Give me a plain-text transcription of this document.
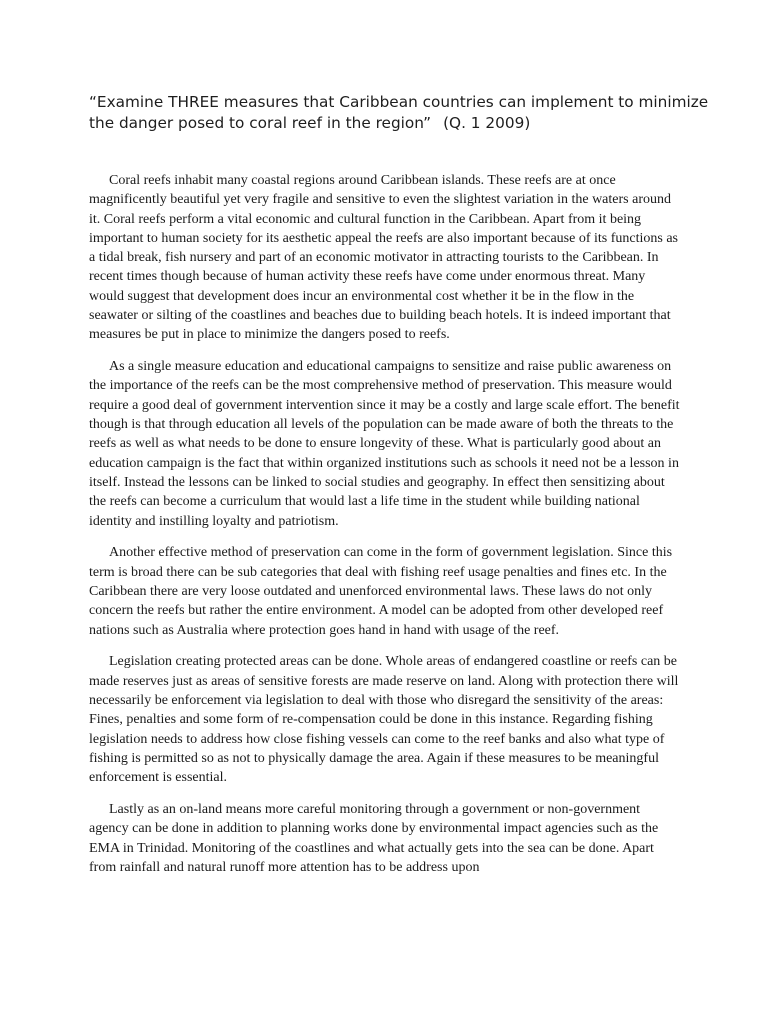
“Examine THREE measures that Caribbean countries can implement to minimize the danger posed to coral reef in the region” (Q. 1 2009)

Coral reefs inhabit many coastal regions around Caribbean islands. These reefs are at once magnificently beautiful yet very fragile and sensitive to even the slightest variation in the waters around it. Coral reefs perform a vital economic and cultural function in the Caribbean. Apart from it being important to human society for its aesthetic appeal the reefs are also important because of its functions as a tidal break, fish nursery and part of an economic motivator in attracting tourists to the Caribbean. In recent times though because of human activity these reefs have come under enormous threat. Many would suggest that development does incur an environmental cost whether it be in the flow in the seawater or silting of the coastlines and beaches due to building beach hotels. It is indeed important that measures be put in place to minimize the dangers posed to reefs.

As a single measure education and educational campaigns to sensitize and raise public awareness on the importance of the reefs can be the most comprehensive method of preservation. This measure would require a good deal of government intervention since it may be a costly and large scale effort. The benefit though is that through education all levels of the population can be made aware of both the threats to the reefs as well as what needs to be done to ensure longevity of these. What is particularly good about an education campaign is the fact that within organized institutions such as schools it need not be a lesson in itself. Instead the lessons can be linked to social studies and geography. In effect then sensitizing about the reefs can become a curriculum that would last a life time in the student while building national identity and instilling loyalty and patriotism.

Another effective method of preservation can come in the form of government legislation. Since this term is broad there can be sub categories that deal with fishing reef usage penalties and fines etc. In the Caribbean there are very loose outdated and unenforced environmental laws. These laws do not only concern the reefs but rather the entire environment. A model can be adopted from other developed reef nations such as Australia where protection goes hand in hand with usage of the reef.

Legislation creating protected areas can be done. Whole areas of endangered coastline or reefs can be made reserves just as areas of sensitive forests are made reserve on land. Along with protection there will necessarily be enforcement via legislation to deal with those who disregard the sensitivity of the areas: Fines, penalties and some form of re-compensation could be done in this instance. Regarding fishing legislation needs to address how close fishing vessels can come to the reef banks and also what type of fishing is permitted so as not to physically damage the area. Again if these measures to be meaningful enforcement is essential.

Lastly as an on-land means more careful monitoring through a government or non-government agency can be done in addition to planning works done by environmental impact agencies such as the EMA in Trinidad. Monitoring of the coastlines and what actually gets into the sea can be done. Apart from rainfall and natural runoff more attention has to be address upon
